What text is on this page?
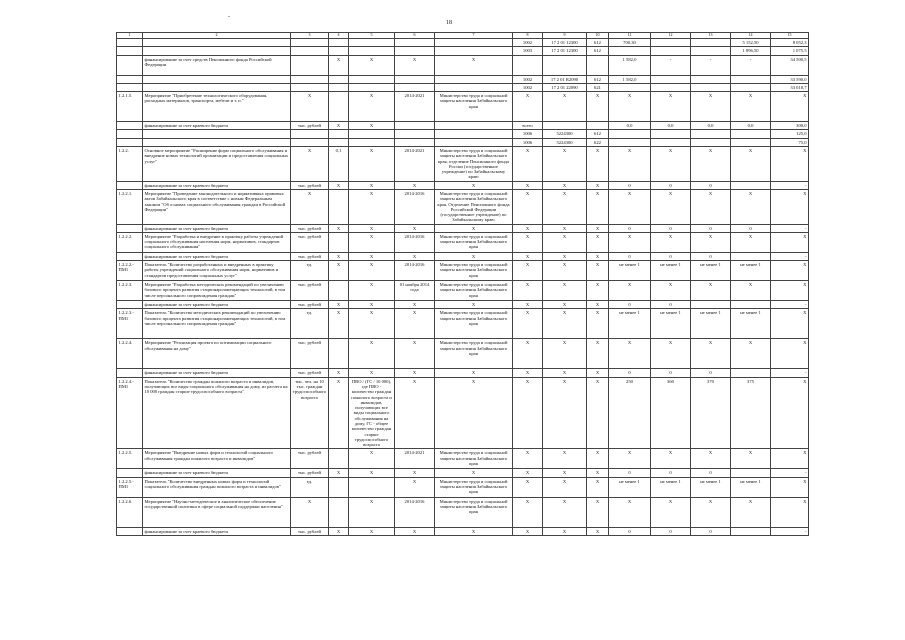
-
18
1	2	3	4	5	6	7	8	9	10	11	12	13	14	15
							1002	17 2 01 12300	612	700,30			5 152,50	8 052,3
							1003	17 2 01 12300	612				1 896,50	1 075,5
	финансирование за счет средств Пенсионного фонда Российской Федерации		X	X	X	X				1 582,0	-	-	-	34 500,5
							1002	17 2 01 R2090	612	1 582,0				33 590,0
							1002	17 2 01 22090	621					33 018,7
1.2.1.5.	Мероприятие "Приобретение технологического оборудования, расходных материалов, транспорта, мебели и т. п."	X		X	2014-2021	Министерство труда и социальной защиты населения Забайкальского края	X	X	X	X	X	X	X	X
	финансирование за счет краевого бюджета	тыс. рублей	X	X			всего			0,0	0,0	0,0	0,0	300,0
							1006	5224300	612					125,0
							1006	5224300	622					75,0
1.2.2.	Основное мероприятие "Расширение форм социального обслуживания и внедрение новых технологий организации и предоставления социальных услуг"	X	0,1	X	2014-2021	Министерство труда и социальной защиты населения Забайкальского края, отделение Пенсионного фонда России (государственное учреждение) по Забайкальскому краю	X	X	X	X	X	X	X	X
	финансирование за счет краевого бюджета	тыс. рублей	X	X	X	X	X	X	X	0	0	0		-
1.2.2.1.	Мероприятие "Проведение законодательного и нормативных правовых актов Забайкальского края в соответствие с новым Федеральным законом "Об основах социального обслуживания граждан в Российской Федерации"	X		X	2014-2016	Министерство труда и социальной защиты населения Забайкальского края. Отделение Пенсионного фонда Российской Федерации (государственное учреждение) по Забайкальскому краю	X	X	X	X	X	X	X	X
	финансирование за счет краевого бюджета	тыс. рублей	X	X	X	X	X	X	X	0	0	0	0	-
1.2.2.2.	Мероприятие "Разработка и внедрение в практику работы учреждений социального обслуживания населения норм, нормативов, стандартов социального обслуживания"	тыс. рублей		X	2014-2016	Министерство труда и социальной защиты населения Забайкальского края	X	X	X	X	X	X	X	X
	финансирование за счет краевого бюджета	тыс. рублей	X	X	X	X	X	X	X	0	0	0		-
1.2.2.2.-ПМ1	Показатель "Количество разработанных и внедренных в практику работы учреждений социального обслуживания норм, нормативов и стандартов предоставления социальных услуг"	ед.	X	X	2014-2016	Министерство труда и социальной защиты населения Забайкальского края	X	X	X	не менее 1	не менее 1	не менее 1	не менее 1	X
1.2.2.3.	Мероприятие "Разработка методических рекомендаций по увеличению базового процента развития стационарозамещающих технологий, в том числе персонального сопровождения граждан"	тыс. рублей		X	01 ноября 2014 года	Министерство труда и социальной защиты населения Забайкальского края	X	X	X	X	X	X	X	X
	финансирование за счет краевого бюджета	тыс. рублей	X	X	X	X	X	X	X	0	0			-
1.2.2.3.-ПМ1	Показатель "Количество методических рекомендаций по увеличению базового процента развития стационарозамещающих технологий, в том числе персонального сопровождения граждан"	ед.	X	X	X	Министерство труда и социальной защиты населения Забайкальского края	X	X	X	не менее 1	не менее 1	не менее 1	не менее 1	X
1.2.2.4.	Мероприятие "Реализация проекта по оптимизации социального обслуживания на дому"	тыс. рублей		X	X	Министерство труда и социальной защиты населения Забайкальского края	X	X	X	X	X	X	X	X
	финансирование за счет краевого бюджета	тыс. рублей	X	X	X	X	X	X	X	0	0	0		-
1.2.2.4.-ПМ1	Показатель "Количество граждан пожилого возраста и инвалидов, получающих все виды социального обслуживания на дому, из расчета на 10 000 граждан старше трудоспособного возраста"	тыс. чел. на 10 тыс. граждан трудоспособного возраста	X	ПВО / (ГС / 10 000), где ПВО - количество граждан пожилого возраста и инвалидов, получающих все виды социального обслуживания на дому, ГС - общее количество граждан старше трудоспособного возраста	X	X	X	X	X	250	360	370	375	X
1.2.2.5.	Мероприятие "Внедрение новых форм и технологий социального обслуживания граждан пожилого возраста и инвалидов"	тыс. рублей		X	2014-2021	Министерство труда и социальной защиты населения Забайкальского края	X	X	X	X	X	X	X	X
	финансирование за счет краевого бюджета	тыс. рублей	X	X	X	X	X	X	X	0	0	0		-
1.2.2.5.-ПМ1	Показатель "Количество внедренных новых форм и технологий социального обслуживания граждан пожилого возраста и инвалидов"	ед.			X	Министерство труда и социальной защиты населения Забайкальского края	X	X	X	не менее 1	не менее 1	не менее 1	не менее 1	X
1.2.2.6.	Мероприятие "Научно-методическое и аналитическое обеспечение государственной политики в сфере социальной поддержки населения"	X		X	2014-2016	Министерство труда и социальной защиты населения Забайкальского края	X	X	X	X	X	X	X	X
	финансирование за счет краевого бюджета	тыс. рублей	X	X	X	X	X	X	X	0	0	0		-
